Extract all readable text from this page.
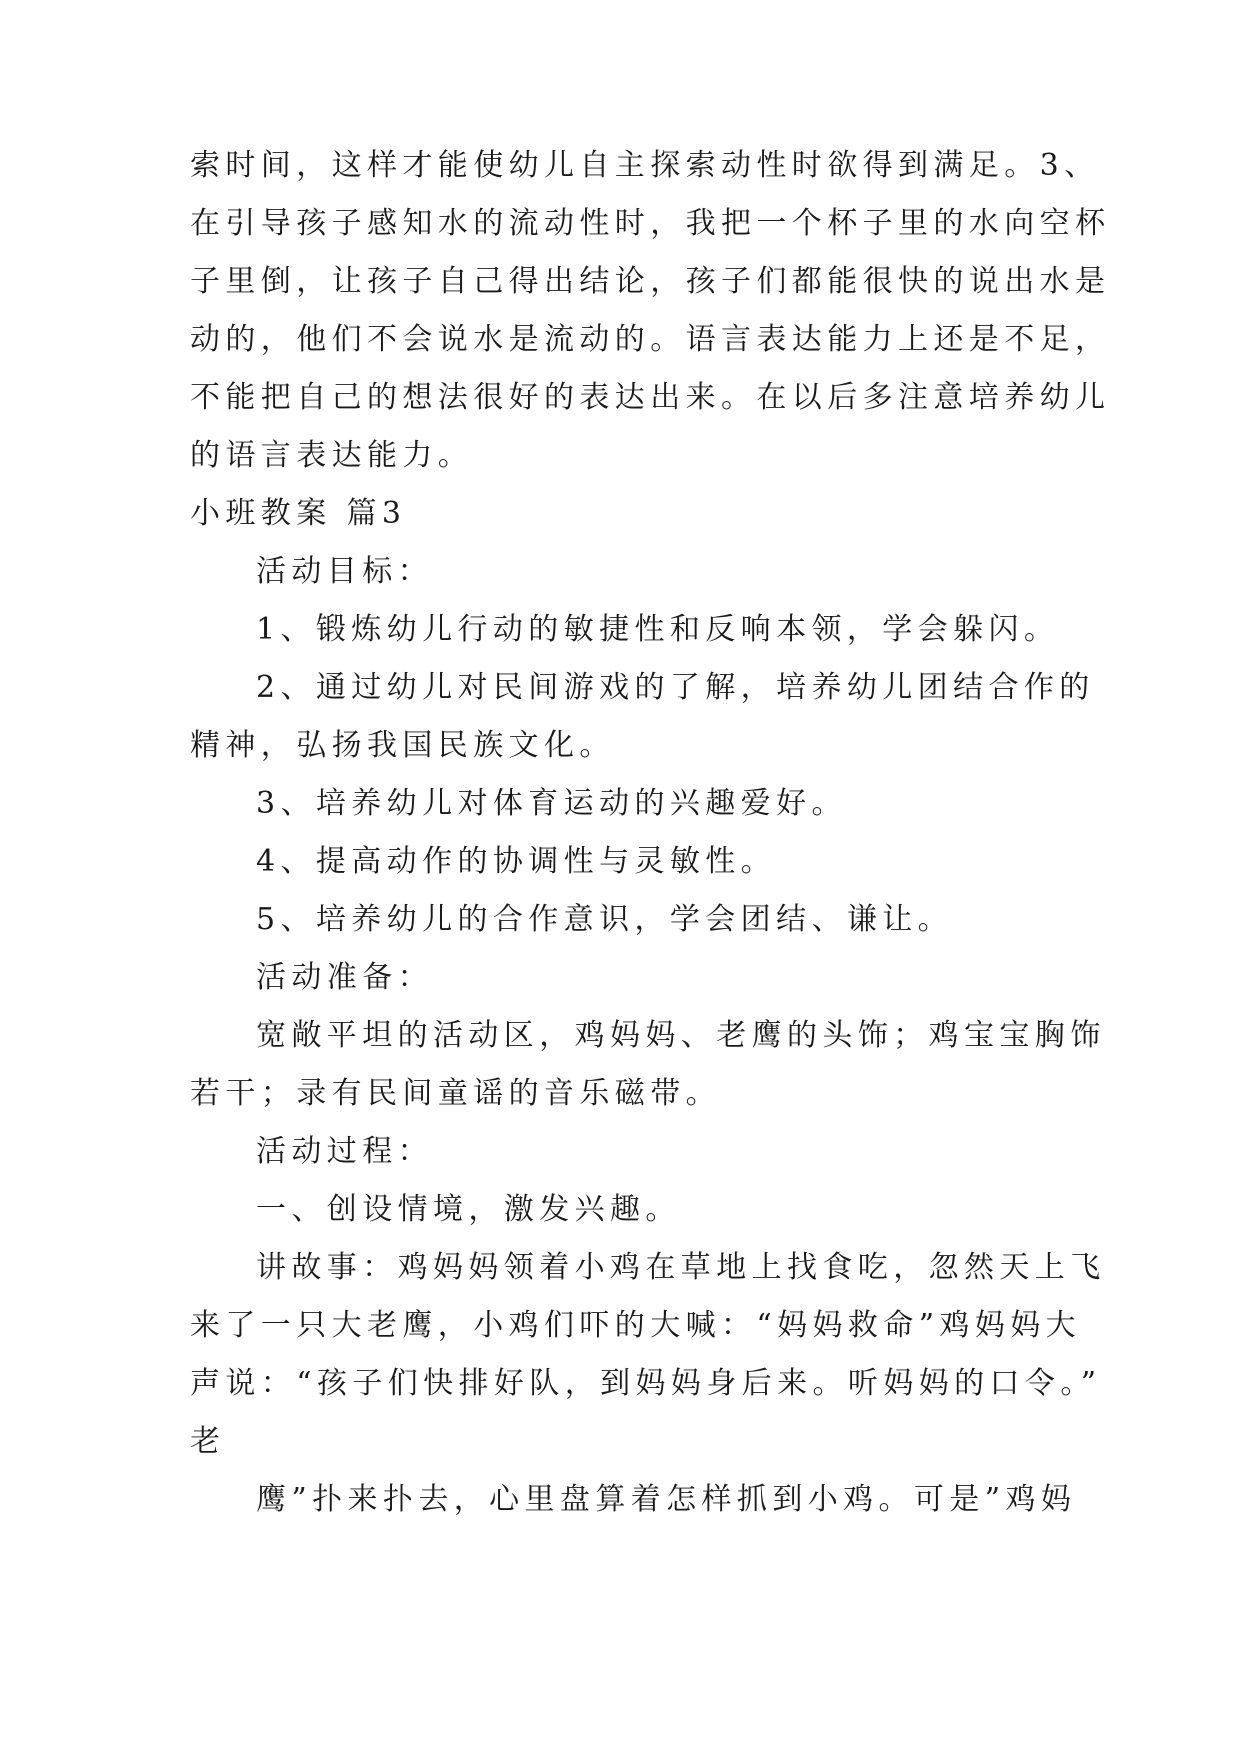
索时间，这样才能使幼儿自主探索动性时欲得到满足。3、
在引导孩子感知水的流动性时，我把一个杯子里的水向空杯
子里倒，让孩子自己得出结论，孩子们都能很快的说出水是
动的，他们不会说水是流动的。语言表达能力上还是不足，
不能把自己的想法很好的表达出来。在以后多注意培养幼儿
的语言表达能力。
小班教案 篇3
活动目标：
1、锻炼幼儿行动的敏捷性和反响本领，学会躲闪。
2、通过幼儿对民间游戏的了解，培养幼儿团结合作的
精神，弘扬我国民族文化。
3、培养幼儿对体育运动的兴趣爱好。
4、提高动作的协调性与灵敏性。
5、培养幼儿的合作意识，学会团结、谦让。
活动准备：
宽敞平坦的活动区，鸡妈妈、老鹰的头饰；鸡宝宝胸饰
若干；录有民间童谣的音乐磁带。
活动过程：
一、创设情境，激发兴趣。
讲故事：鸡妈妈领着小鸡在草地上找食吃，忽然天上飞
来了一只大老鹰，小鸡们吓的大喊：“妈妈救命”鸡妈妈大
声说：“孩子们快排好队，到妈妈身后来。听妈妈的口令。”
老
鹰”扑来扑去，心里盘算着怎样抓到小鸡。可是”鸡妈
